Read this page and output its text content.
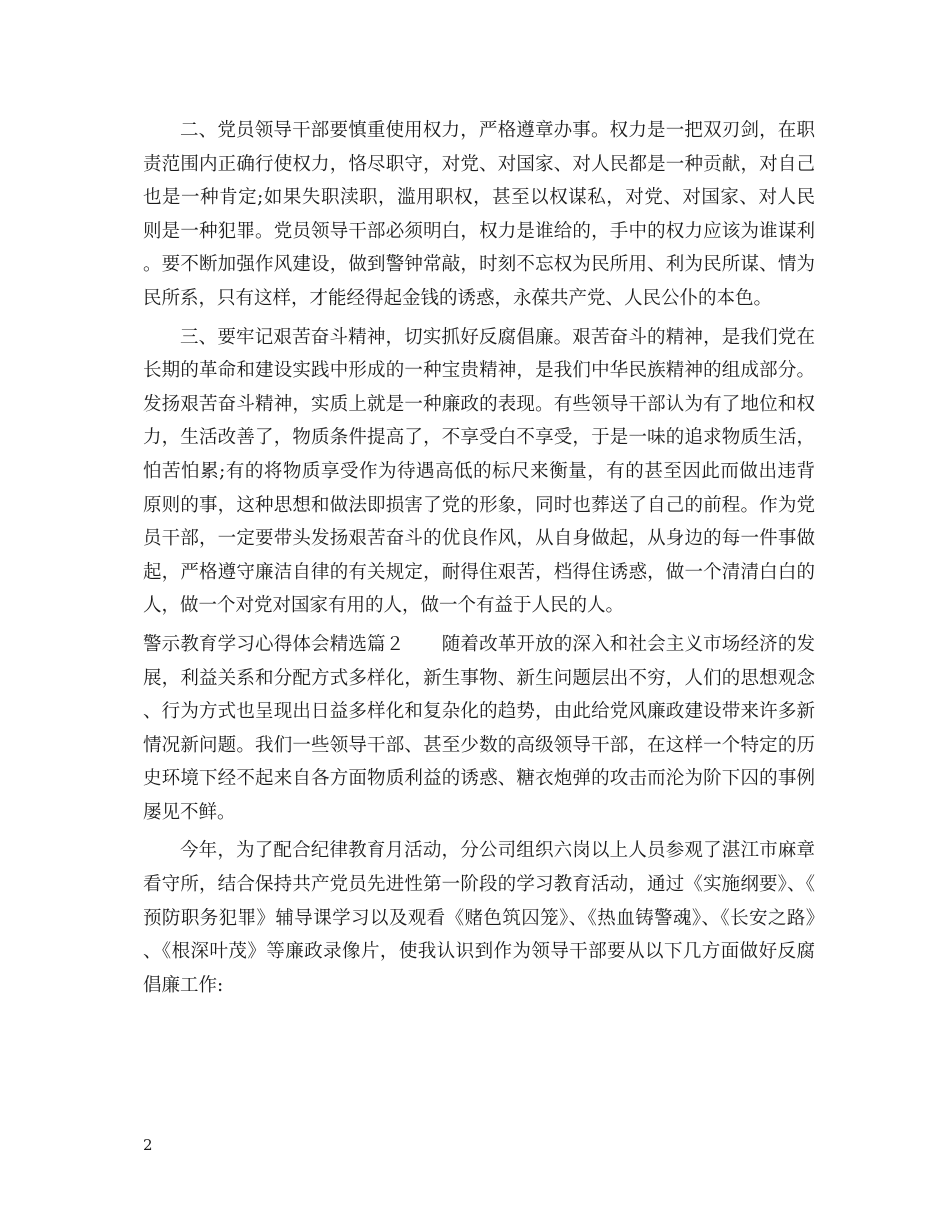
二、党员领导干部要慎重使用权力，严格遵章办事。权力是一把双刃剑，在职责范围内正确行使权力，恪尽职守，对党、对国家、对人民都是一种贡献，对自己也是一种肯定;如果失职渎职，滥用职权，甚至以权谋私，对党、对国家、对人民则是一种犯罪。党员领导干部必须明白，权力是谁给的，手中的权力应该为谁谋利。要不断加强作风建设，做到警钟常敲，时刻不忘权为民所用、利为民所谋、情为民所系，只有这样，才能经得起金钱的诱惑，永葆共产党、人民公仆的本色。

三、要牢记艰苦奋斗精神，切实抓好反腐倡廉。艰苦奋斗的精神，是我们党在长期的革命和建设实践中形成的一种宝贵精神，是我们中华民族精神的组成部分。发扬艰苦奋斗精神，实质上就是一种廉政的表现。有些领导干部认为有了地位和权力，生活改善了，物质条件提高了，不享受白不享受，于是一味的追求物质生活，怕苦怕累;有的将物质享受作为待遇高低的标尺来衡量，有的甚至因此而做出违背原则的事，这种思想和做法即损害了党的形象，同时也葬送了自己的前程。作为党员干部，一定要带头发扬艰苦奋斗的优良作风，从自身做起，从身边的每一件事做起，严格遵守廉洁自律的有关规定，耐得住艰苦，档得住诱惑，做一个清清白白的人，做一个对党对国家有用的人，做一个有益于人民的人。

警示教育学习心得体会精选篇２　　随着改革开放的深入和社会主义市场经济的发展，利益关系和分配方式多样化，新生事物、新生问题层出不穷，人们的思想观念、行为方式也呈现出日益多样化和复杂化的趋势，由此给党风廉政建设带来许多新情况新问题。我们一些领导干部、甚至少数的高级领导干部，在这样一个特定的历史环境下经不起来自各方面物质利益的诱惑、糖衣炮弹的攻击而沦为阶下囚的事例屡见不鲜。

今年，为了配合纪律教育月活动，分公司组织六岗以上人员参观了湛江市麻章看守所，结合保持共产党员先进性第一阶段的学习教育活动，通过《实施纲要》、《预防职务犯罪》辅导课学习以及观看《赌色筑囚笼》、《热血铸警魂》、《长安之路》、《根深叶茂》等廉政录像片，使我认识到作为领导干部要从以下几方面做好反腐倡廉工作:

2
